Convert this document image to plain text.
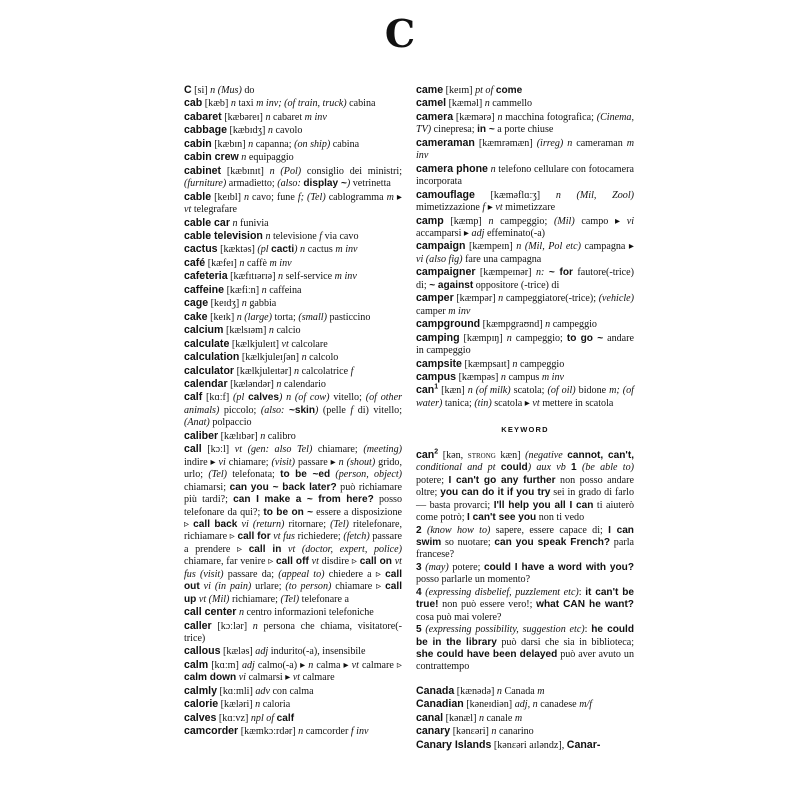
C

C [si] n (Mus) do

cab [kæb] n taxi m inv; (of train, truck) cabina

cabaret [kæbəreɪ] n cabaret m inv

cabbage [kæbɪdʒ] n cavolo

cabin [kæbɪn] n capanna; (on ship) cabina

cabin crew n equipaggio

cabinet [kæbɪnɪt] n (Pol) consiglio dei ministri; (furniture) armadietto; (also: display ~) vetrinetta

cable [keɪbl] n cavo; fune f; (Tel) cablogramma m ▸ vt telegrafare

cable car n funivia

cable television n televisione f via cavo

cactus [kæktəs] (pl cacti) n cactus m inv

café [kæfeɪ] n caffè m inv

cafeteria [kæfɪtɪərɪə] n self-service m inv

caffeine [kæfiːn] n caffeina

cage [keɪdʒ] n gabbia

cake [keɪk] n (large) torta; (small) pasticcino

calcium [kælsɪəm] n calcio

calculate [kælkjuleɪt] vt calcolare

calculation [kælkjuleɪʃən] n calcolo

calculator [kælkjuleɪtər] n calcolatrice f

calendar [kæləndər] n calendario

calf [kɑːf] (pl calves) n (of cow) vitello; (of other animals) piccolo; (also: ~skin) (pelle f di) vitello; (Anat) polpaccio

caliber [kælɪbər] n calibro

call [kɔːl] vt (gen: also Tel) chiamare; (meeting) indire ▸ vi chiamare; (visit) passare ▸ n (shout) grido, urlo; (Tel) telefonata; to be ~ed (person, object) chiamarsi; can you ~ back later? può richiamare più tardi?; can I make a ~ from here? posso telefonare da qui?; to be on ~ essere a disposizione ▹ call back vi (return) ritornare; (Tel) ritelefonare, richiamare ▹ call for vt fus richiedere; (fetch) passare a prendere ▹ call in vt (doctor, expert, police) chiamare, far venire ▹ call off vt disdire ▹ call on vt fus (visit) passare da; (appeal to) chiedere a ▹ call out vi (in pain) urlare; (to person) chiamare ▹ call up vt (Mil) richiamare; (Tel) telefonare a

call center n centro informazioni telefoniche

caller [kɔːlər] n persona che chiama, visitatore(-trice)

callous [kæləs] adj indurito(-a), insensibile

calm [kɑːm] adj calmo(-a) ▸ n calma ▸ vt calmare ▹ calm down vi calmarsi ▸ vt calmare

calmly [kɑːmli] adv con calma

calorie [kæləri] n caloria

calves [kɑːvz] npl of calf

camcorder [kæmkɔːrdər] n camcorder f inv

came [keɪm] pt of come

camel [kæməl] n cammello

camera [kæmərə] n macchina fotografica; (Cinema, TV) cinepresa; in ~ a porte chiuse

cameraman [kæmrəmæn] (irreg) n cameraman m inv

camera phone n telefono cellulare con fotocamera incorporata

camouflage [kæməflɑːʒ] n (Mil, Zool) mimetizzazione f ▸ vt mimetizzare

camp [kæmp] n campeggio; (Mil) campo ▸ vi accamparsi ▸ adj effeminato(-a)

campaign [kæmpeɪn] n (Mil, Pol etc) campagna ▸ vi (also fig) fare una campagna

campaigner [kæmpeɪnər] n: ~ for fautore(-trice) di; ~ against oppositore (-trice) di

camper [kæmpər] n campeggiatore(-trice); (vehicle) camper m inv

campground [kæmpgraʊnd] n campeggio

camping [kæmpɪŋ] n campeggio; to go ~ andare in campeggio

campsite [kæmpsaɪt] n campeggio

campus [kæmpəs] n campus m inv

can$^1$ [kæn] n (of milk) scatola; (of oil) bidone m; (of water) tanica; (tin) scatola ▸ vt mettere in scatola

KEYWORD

can$^2$ [kən, strong kæn] (negative cannot, can't, conditional and pt could) aux vb 1 (be able to) potere; I can't go any further non posso andare oltre; you can do it if you try sei in grado di farlo — basta provarci; I'll help you all I can ti aiuterò come potrò; I can't see you non ti vedo

2 (know how to) sapere, essere capace di; I can swim so nuotare; can you speak French? parla francese?

3 (may) potere; could I have a word with you? posso parlarle un momento?

4 (expressing disbelief, puzzlement etc): it can't be true! non può essere vero!; what CAN he want? cosa può mai volere?

5 (expressing possibility, suggestion etc): he could be in the library può darsi che sia in biblioteca; she could have been delayed può aver avuto un contrattempo

Canada [kænədə] n Canada m

Canadian [kəneɪdiən] adj, n canadese m/f

canal [kənæl] n canale m

canary [kənɛəri] n canarino

Canary Islands [kənɛəri aɪləndz], Canar-
